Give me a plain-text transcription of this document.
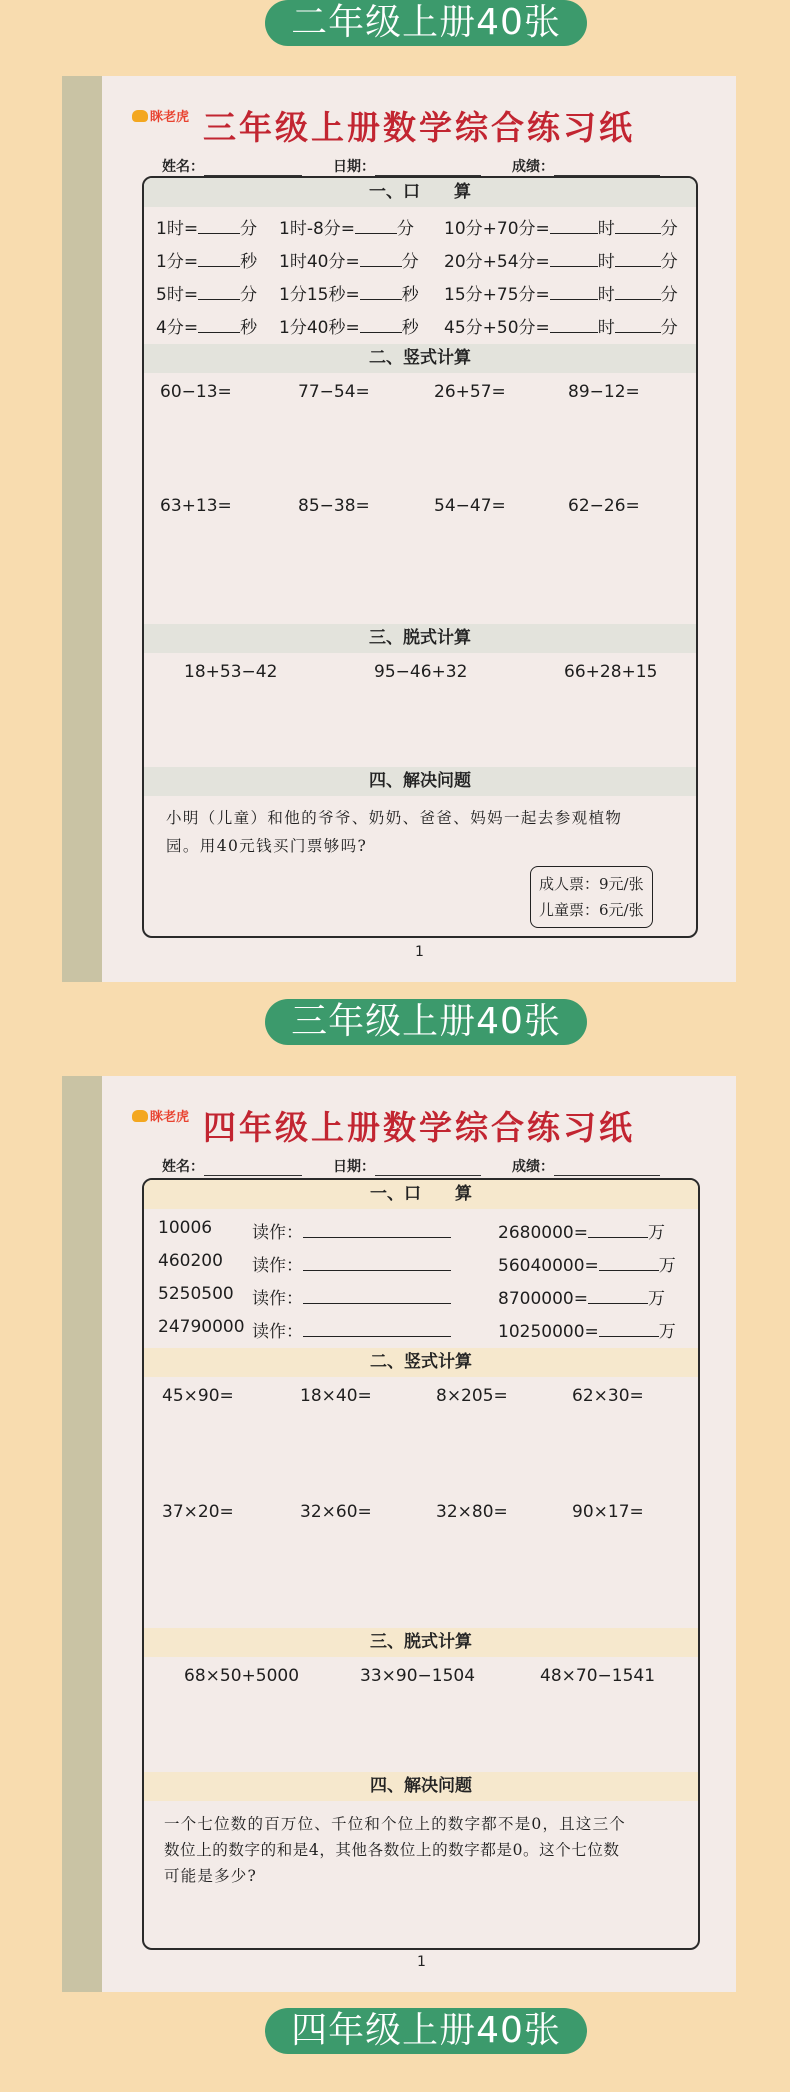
二年级上册40张
眯老虎 三年级上册数学综合练习纸
姓名：	日期：	成绩：
一、口　　算
1时= 分 1时-8分= 分 10分+70分=	时	分
1分= 秒 1时40分= 分 20分+54分=	时	分
5时= 分 1分15秒= 秒 15分+75分=	时	分
4分= 秒 1分40秒= 秒 45分+50分=	时	分
二、竖式计算
60−13=	77−54=	26+57=	89−12=
63+13=	85−38=	54−47=	62−26=
三、脱式计算
18+53−42	95−46+32	66+28+15
四、解决问题
小明（儿童）和他的爷爷、奶奶、爸爸、妈妈一起去参观植物
园。用40元钱买门票够吗?
成人票：9元/张
儿童票：6元/张
1
三年级上册40张
眯老虎 四年级上册数学综合练习纸
姓名：	日期：	成绩：
一、口　　算
10006 读作：	2680000=	万
460200 读作：	56040000=	万
5250500 读作：	8700000=	万
24790000 读作：	10250000=	万
二、竖式计算
45×90=	18×40=	8×205=	62×30=
37×20=	32×60=	32×80=	90×17=
三、脱式计算
68×50+5000	33×90−1504	48×70−1541
四、解决问题
一个七位数的百万位、千位和个位上的数字都不是0，且这三个
数位上的数字的和是4，其他各数位上的数字都是0。这个七位数
可能是多少?
1
四年级上册40张
